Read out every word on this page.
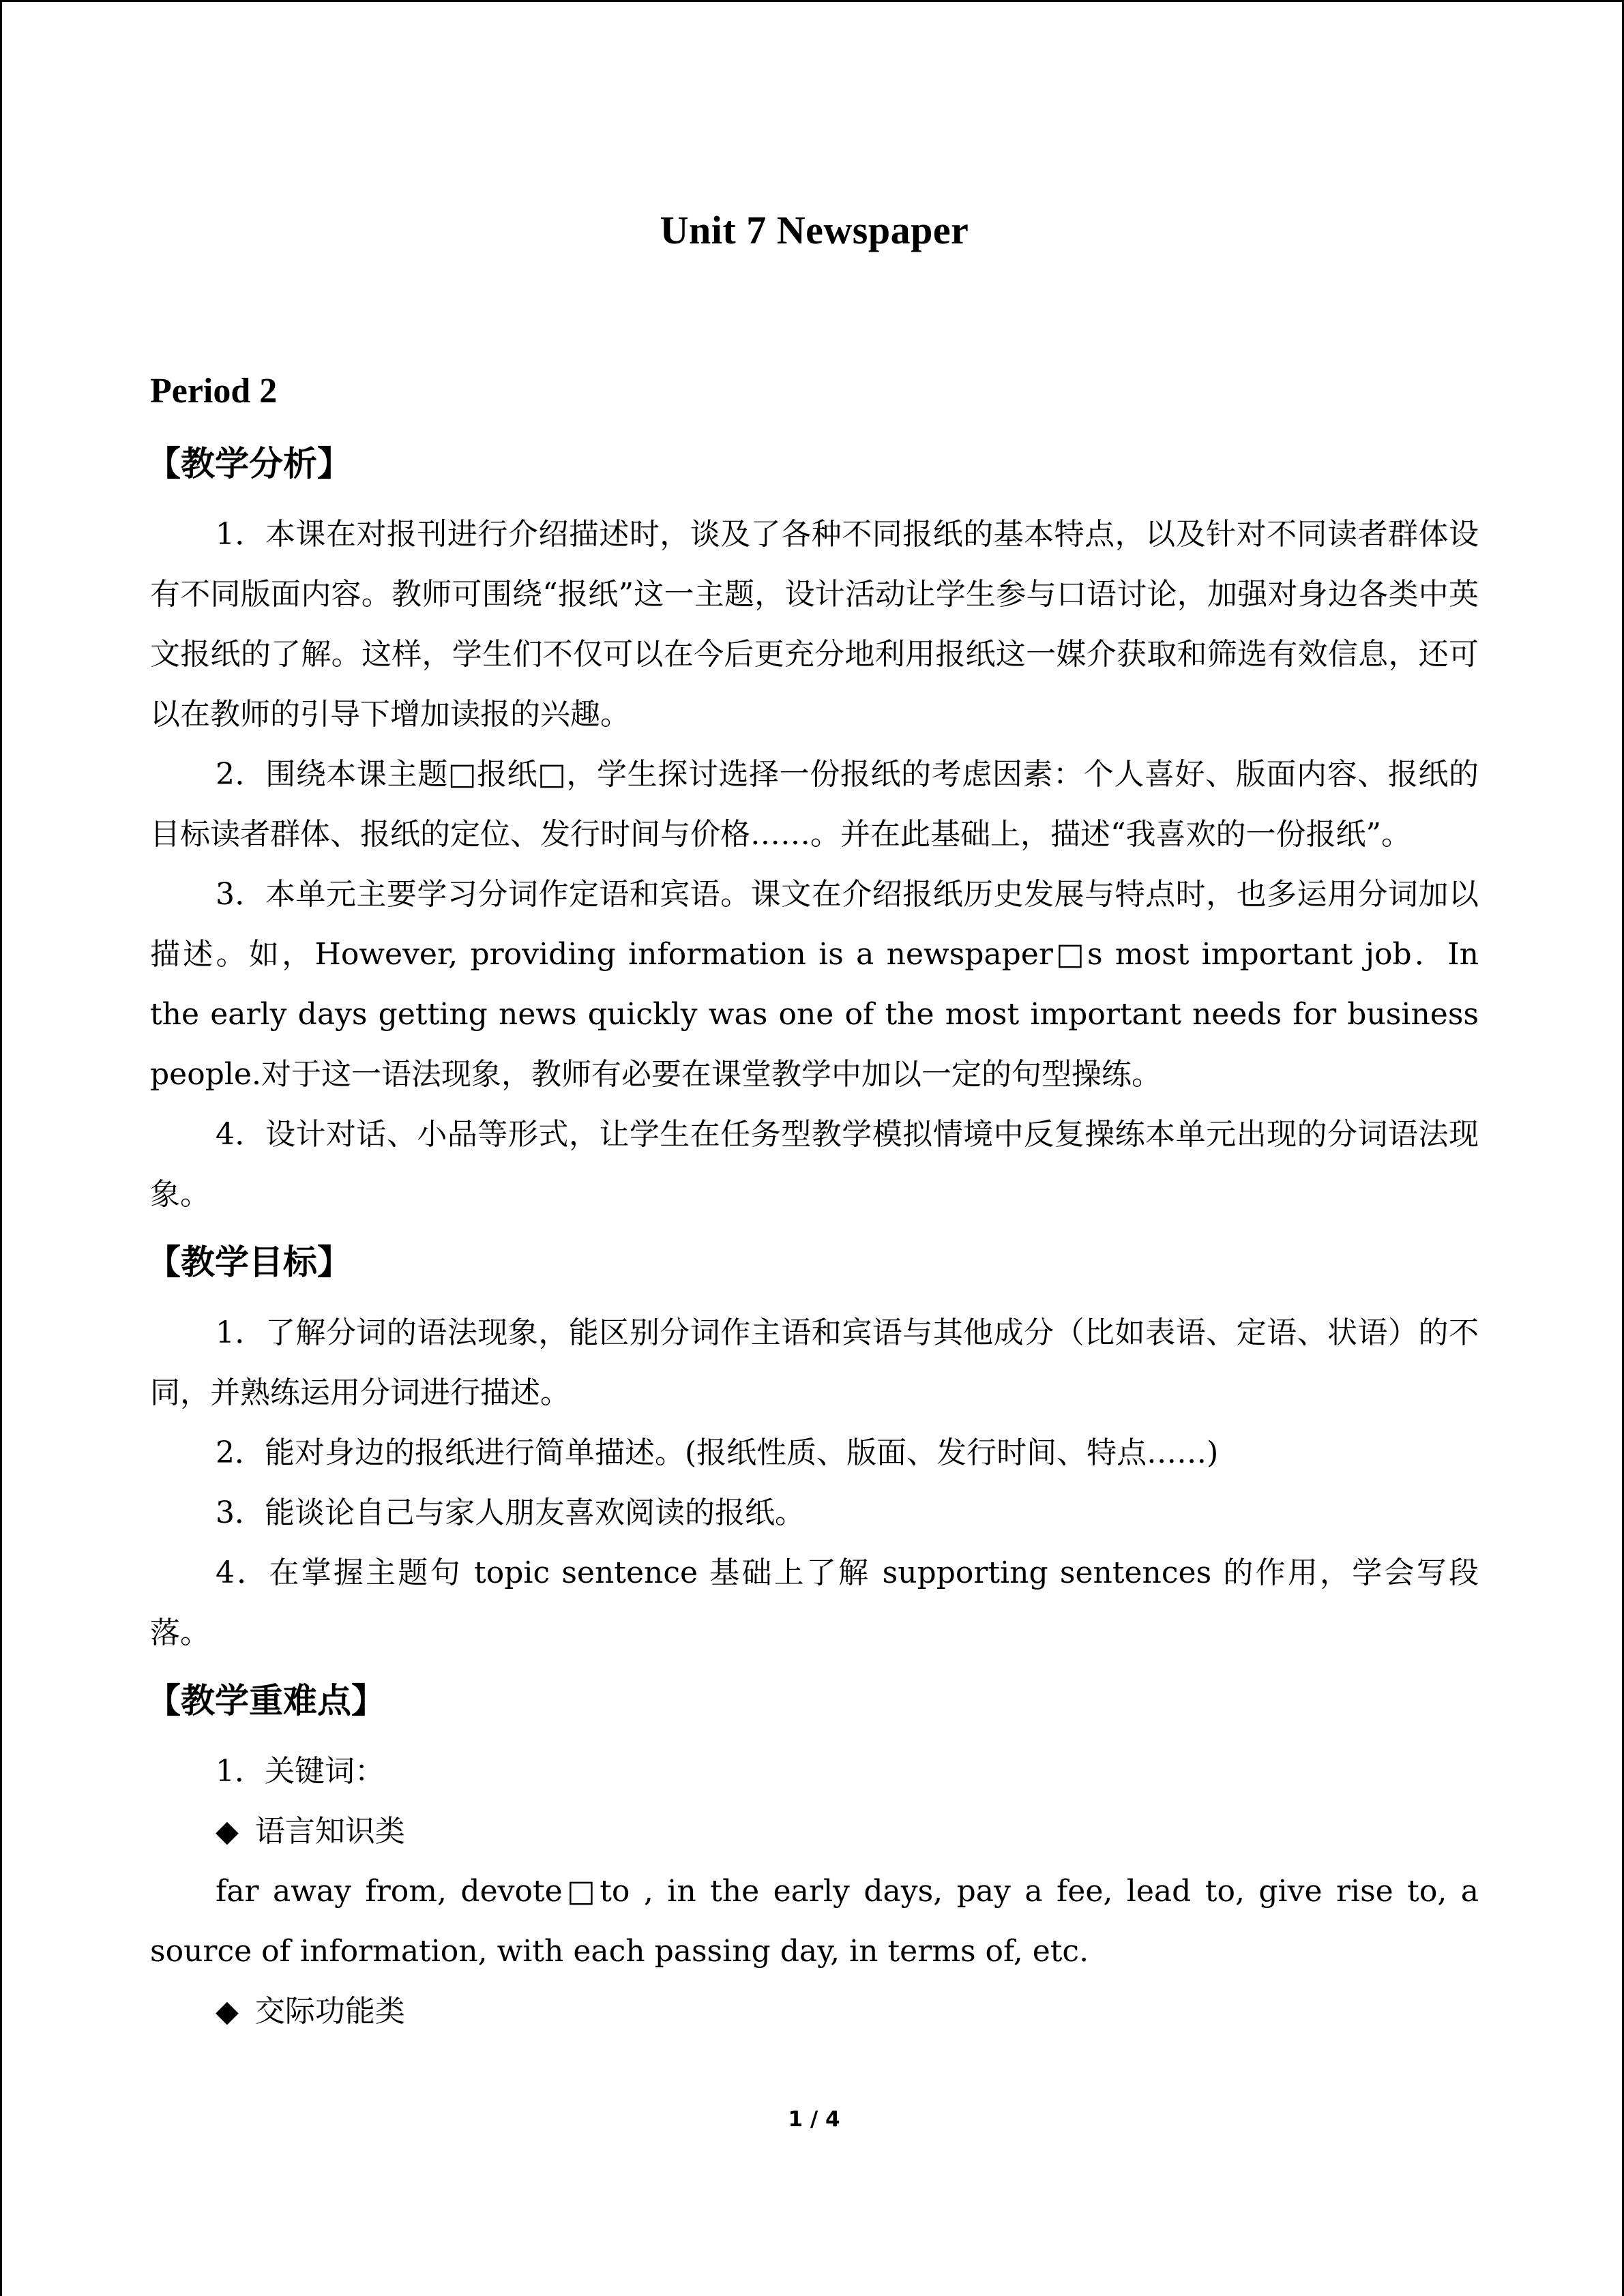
Unit 7 Newspaper
Period 2
【教学分析】

1．本课在对报刊进行介绍描述时，谈及了各种不同报纸的基本特点，以及针对不同读者群体设有不同版面内容。教师可围绕“报纸”这一主题，设计活动让学生参与口语讨论，加强对身边各类中英文报纸的了解。这样，学生们不仅可以在今后更充分地利用报纸这一媒介获取和筛选有效信息，还可以在教师的引导下增加读报的兴趣。

2．围绕本课主题□报纸□，学生探讨选择一份报纸的考虑因素：个人喜好、版面内容、报纸的目标读者群体、报纸的定位、发行时间与价格……。并在此基础上，描述“我喜欢的一份报纸”。

3．本单元主要学习分词作定语和宾语。课文在介绍报纸历史发展与特点时，也多运用分词加以描述。如，However, providing information is a newspaper□s most important job．In the early days getting news quickly was one of the most important needs for business people.对于这一语法现象，教师有必要在课堂教学中加以一定的句型操练。

4．设计对话、小品等形式，让学生在任务型教学模拟情境中反复操练本单元出现的分词语法现象。

【教学目标】

1．了解分词的语法现象，能区别分词作主语和宾语与其他成分（比如表语、定语、状语）的不同，并熟练运用分词进行描述。

2．能对身边的报纸进行简单描述。(报纸性质、版面、发行时间、特点……)

3．能谈论自己与家人朋友喜欢阅读的报纸。

4．在掌握主题句 topic sentence 基础上了解 supporting sentences 的作用，学会写段落。

【教学重难点】

1．关键词：

◆ 语言知识类

far away from, devote□to , in the early days, pay a fee, lead to, give rise to, a source of information, with each passing day, in terms of, etc.

◆ 交际功能类
1 / 4
